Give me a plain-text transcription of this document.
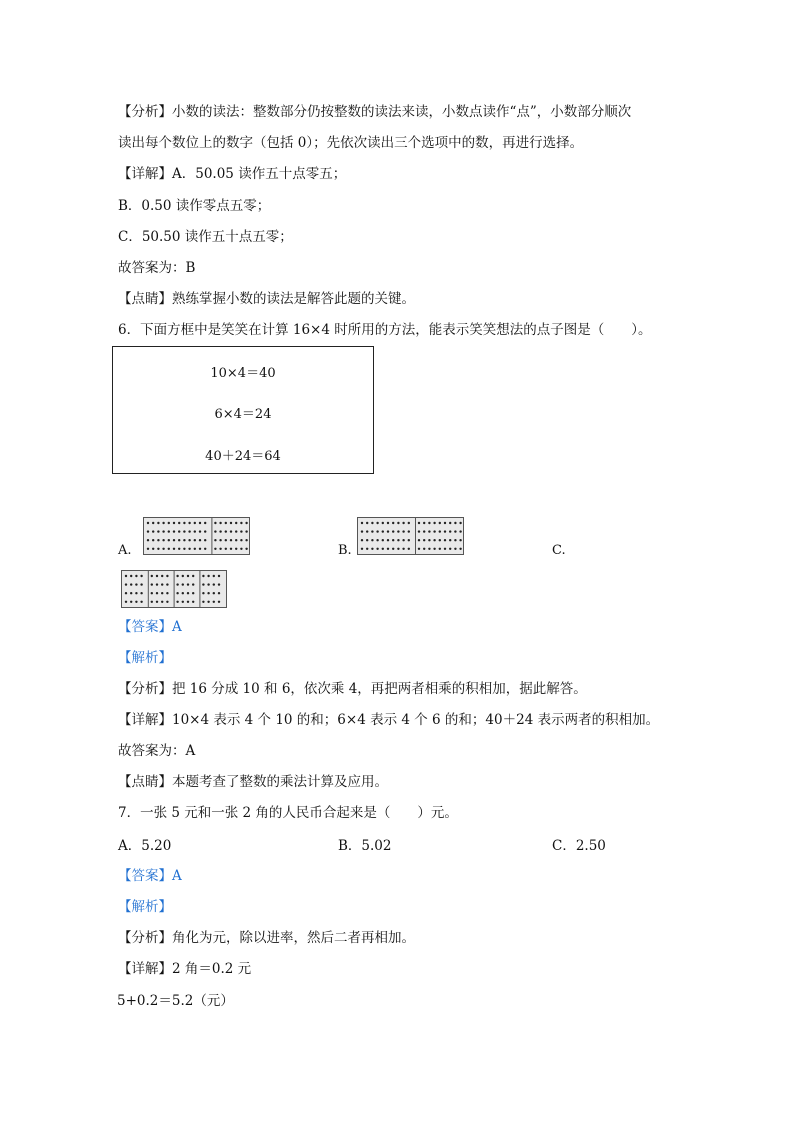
【分析】小数的读法：整数部分仍按整数的读法来读，小数点读作“点”，小数部分顺次
读出每个数位上的数字（包括 0）；先依次读出三个选项中的数，再进行选择。
【详解】A．50.05 读作五十点零五；
B．0.50 读作零点五零；
C．50.50 读作五十点五零；
故答案为：B
【点睛】熟练掌握小数的读法是解答此题的关键。
6．下面方框中是笑笑在计算 16×4 时所用的方法，能表示笑笑想法的点子图是（　　）。
10×4＝40
6×4＝24
40＋24＝64
A.	B.	C.
【答案】A
【解析】
【分析】把 16 分成 10 和 6，依次乘 4，再把两者相乘的积相加，据此解答。
【详解】10×4 表示 4 个 10 的和；6×4 表示 4 个 6 的和；40＋24 表示两者的积相加。
故答案为：A
【点睛】本题考查了整数的乘法计算及应用。
7．一张 5 元和一张 2 角的人民币合起来是（　　）元。
A．5.20	B．5.02	C．2.50
【答案】A
【解析】
【分析】角化为元，除以进率，然后二者再相加。
【详解】2 角＝0.2 元
5+0.2＝5.2（元）
